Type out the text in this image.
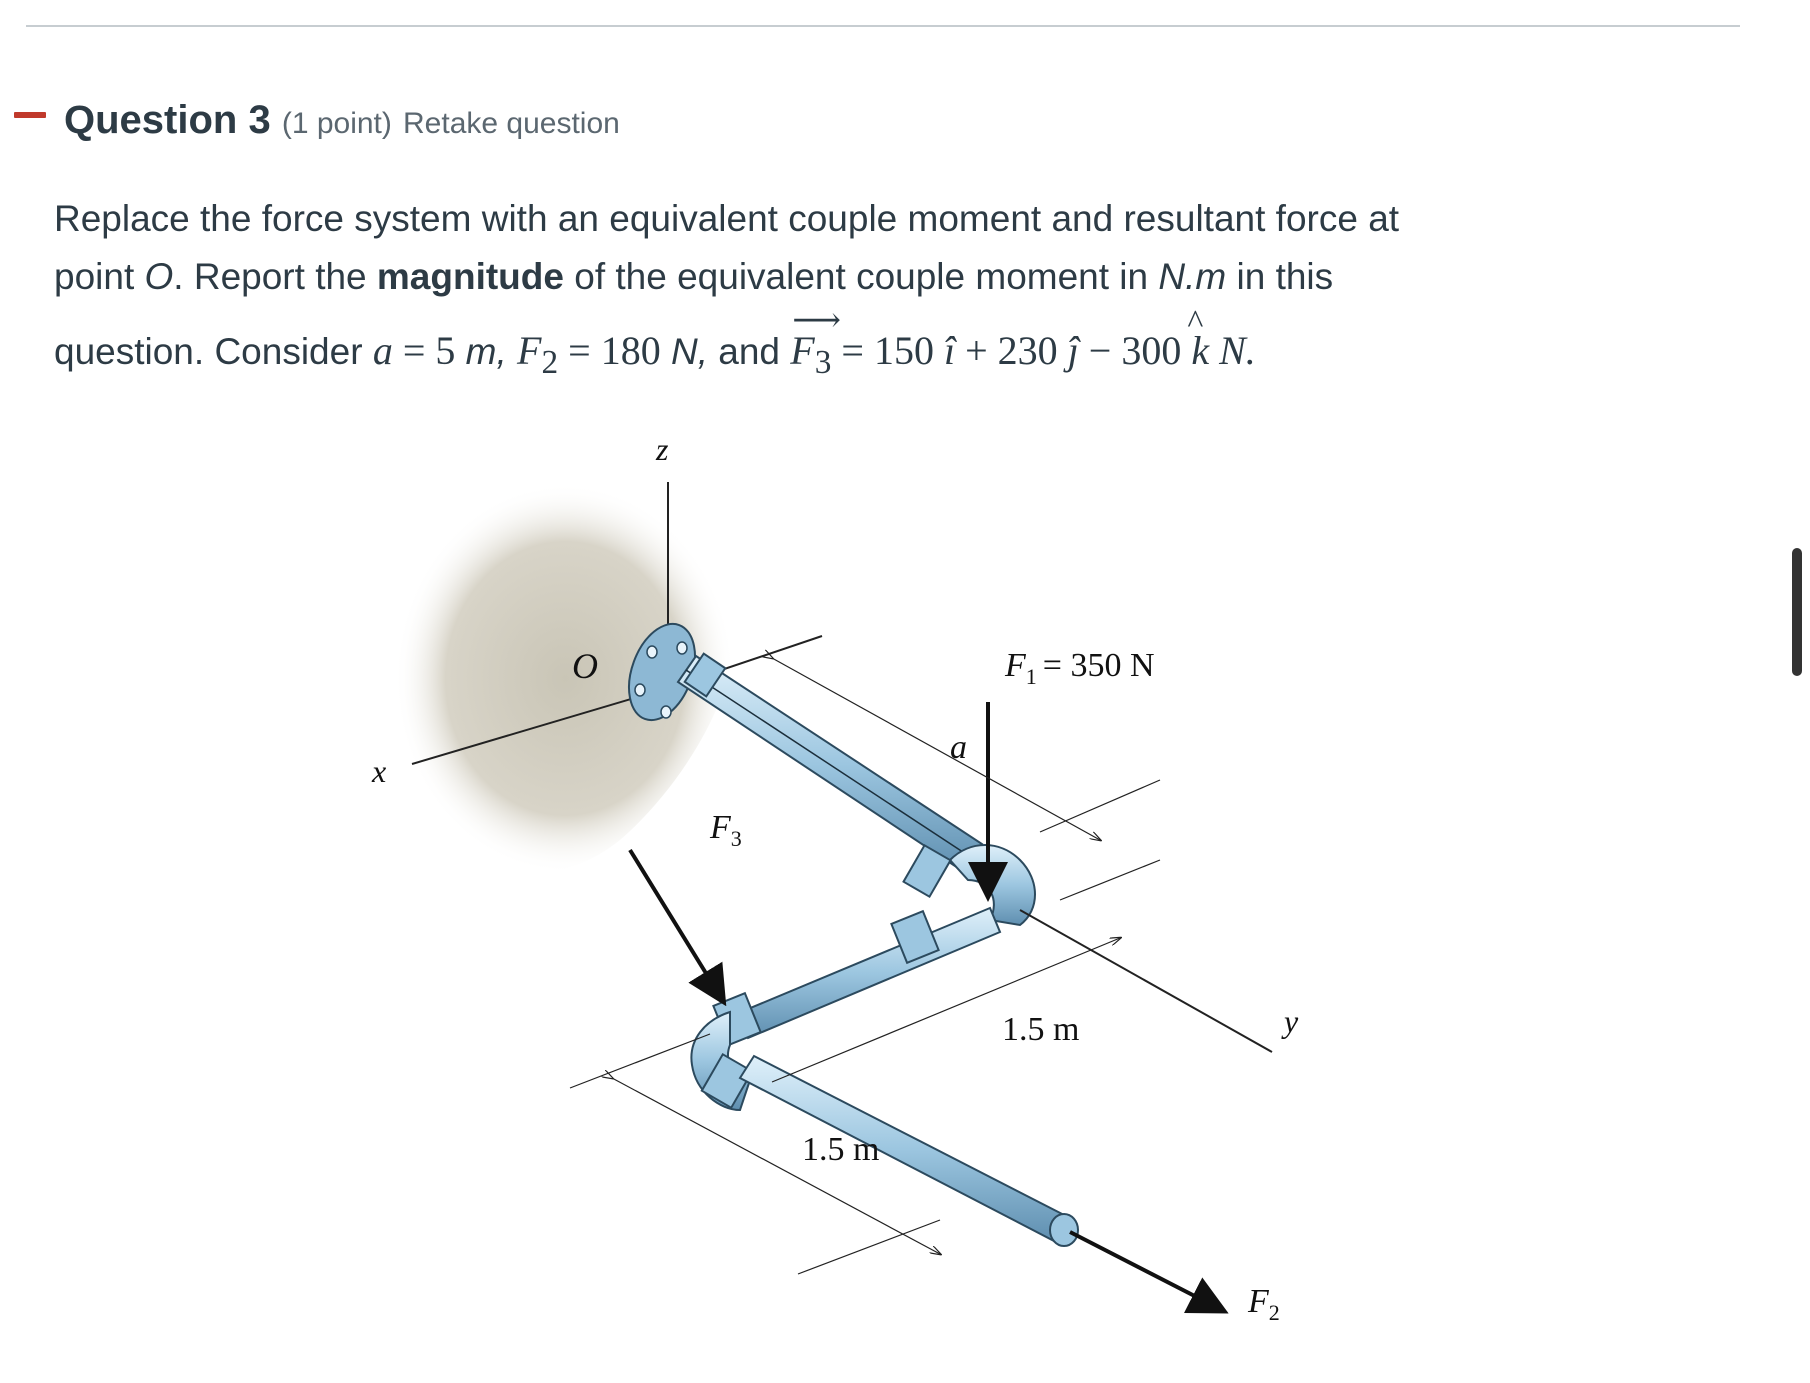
Question 3 (1 point) Retake question
Replace the force system with an equivalent couple moment and resultant force at
point O. Report the magnitude of the equivalent couple moment in N.m in this
question. Consider a = 5 m, $F_2 = 180$ N, and
⟶
$F_3 = 150$ î + 230 ĵ − 300
^
k N.
z
x
y
O
a
$F_1 = 350$ N
$F_3$
$F_2$
1.5 m
1.5 m
